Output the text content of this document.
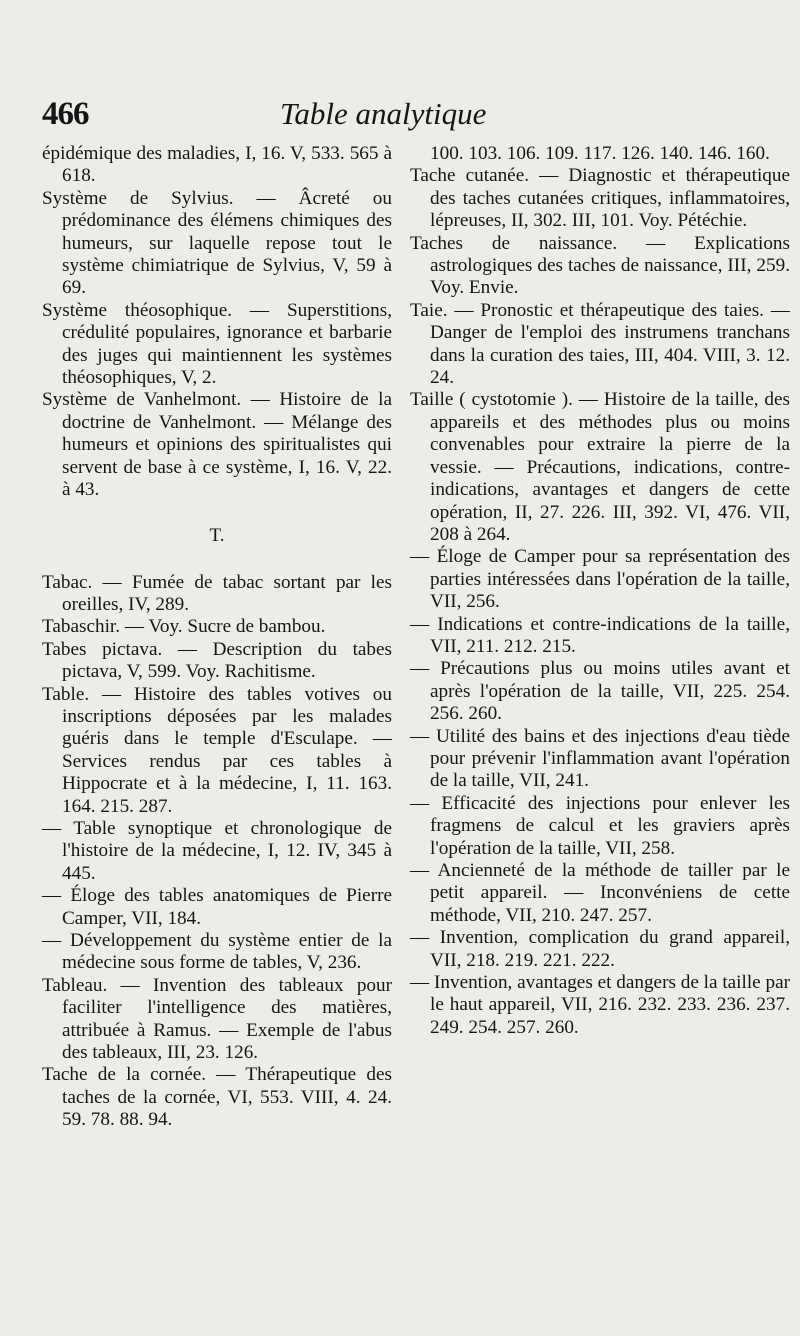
466	Table analytique

épidémique des maladies, I, 16. V, 533. 565 à 618.

Système de Sylvius. — Âcreté ou prédominance des élémens chimiques des humeurs, sur laquelle repose tout le système chimiatrique de Sylvius, V, 59 à 69.

Système théosophique. — Superstitions, crédulité populaires, ignorance et barbarie des juges qui maintiennent les systèmes théosophiques, V, 2.

Système de Vanhelmont. — Histoire de la doctrine de Vanhelmont. — Mélange des humeurs et opinions des spiritualistes qui servent de base à ce système, I, 16. V, 22. à 43.

T.

Tabac. — Fumée de tabac sortant par les oreilles, IV, 289.

Tabaschir. — Voy. Sucre de bambou.

Tabes pictava. — Description du tabes pictava, V, 599. Voy. Rachitisme.

Table. — Histoire des tables votives ou inscriptions déposées par les malades guéris dans le temple d'Esculape. — Services rendus par ces tables à Hippocrate et à la médecine, I, 11. 163. 164. 215. 287.

— Table synoptique et chronologique de l'histoire de la médecine, I, 12. IV, 345 à 445.

— Éloge des tables anatomiques de Pierre Camper, VII, 184.

— Développement du système entier de la médecine sous forme de tables, V, 236.

Tableau. — Invention des tableaux pour faciliter l'intelligence des matières, attribuée à Ramus. — Exemple de l'abus des tableaux, III, 23. 126.

Tache de la cornée. — Thérapeutique des taches de la cornée, VI, 553. VIII, 4. 24. 59. 78. 88. 94.

100. 103. 106. 109. 117. 126. 140. 146. 160.

Tache cutanée. — Diagnostic et thérapeutique des taches cutanées critiques, inflammatoires, lépreuses, II, 302. III, 101. Voy. Pétéchie.

Taches de naissance. — Explications astrologiques des taches de naissance, III, 259. Voy. Envie.

Taie. — Pronostic et thérapeutique des taies. — Danger de l'emploi des instrumens tranchans dans la curation des taies, III, 404. VIII, 3. 12. 24.

Taille ( cystotomie ). — Histoire de la taille, des appareils et des méthodes plus ou moins convenables pour extraire la pierre de la vessie. — Précautions, indications, contre-indications, avantages et dangers de cette opération, II, 27. 226. III, 392. VI, 476. VII, 208 à 264.

— Éloge de Camper pour sa représentation des parties intéressées dans l'opération de la taille, VII, 256.

— Indications et contre-indications de la taille, VII, 211. 212. 215.

— Précautions plus ou moins utiles avant et après l'opération de la taille, VII, 225. 254. 256. 260.

— Utilité des bains et des injections d'eau tiède pour prévenir l'inflammation avant l'opération de la taille, VII, 241.

— Efficacité des injections pour enlever les fragmens de calcul et les graviers après l'opération de la taille, VII, 258.

— Ancienneté de la méthode de tailler par le petit appareil. — Inconvéniens de cette méthode, VII, 210. 247. 257.

— Invention, complication du grand appareil, VII, 218. 219. 221. 222.

— Invention, avantages et dangers de la taille par le haut appareil, VII, 216. 232. 233. 236. 237. 249. 254. 257. 260.
